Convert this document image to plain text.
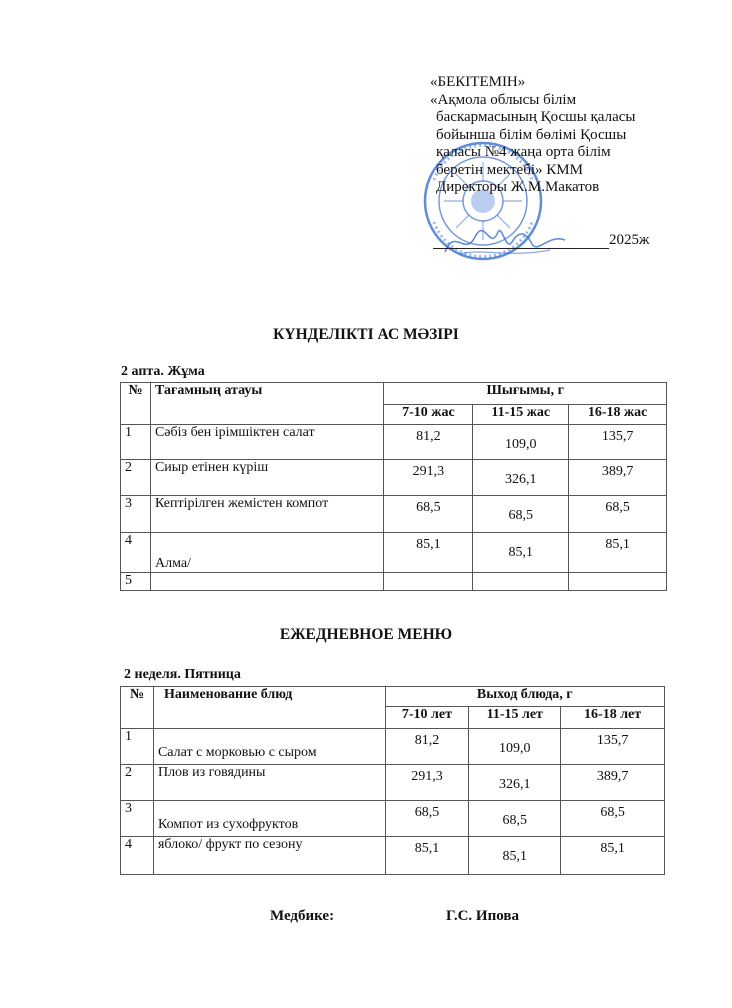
«БЕКІТЕМІН»
«Ақмола облысы білім
баскармасының Қосшы қаласы
бойынша білім бөлімі Қосшы
қаласы №4 жаңа орта білім
беретін мектебі» КММ
Директоры Ж.М.Макатов
2025ж
КҮНДЕЛІКТІ АС МӘЗІРІ
2 апта. Жұма
№	Тағамның атауы	Шығымы, г		
		7-10 жас	11-15 жас	16-18 жас
1	Сәбіз бен ірімшіктен салат	81,2	109,0	135,7
2	Сиыр етінен күріш	291,3	326,1	389,7
3	Кептірілген жемістен компот	68,5	68,5	68,5
4	Алма/	85,1	85,1	85,1
5				
ЕЖЕДНЕВНОЕ МЕНЮ
2 неделя. Пятница
№	Наименование блюд	Выход блюда, г		
		7-10 лет	11-15 лет	16-18 лет
1	Салат с морковью с сыром	81,2	109,0	135,7
2	Плов из говядины	291,3	326,1	389,7
3	Компот из сухофруктов	68,5	68,5	68,5
4	яблоко/ фрукт по сезону	85,1	85,1	85,1
Медбике:	Г.С. Ипова
